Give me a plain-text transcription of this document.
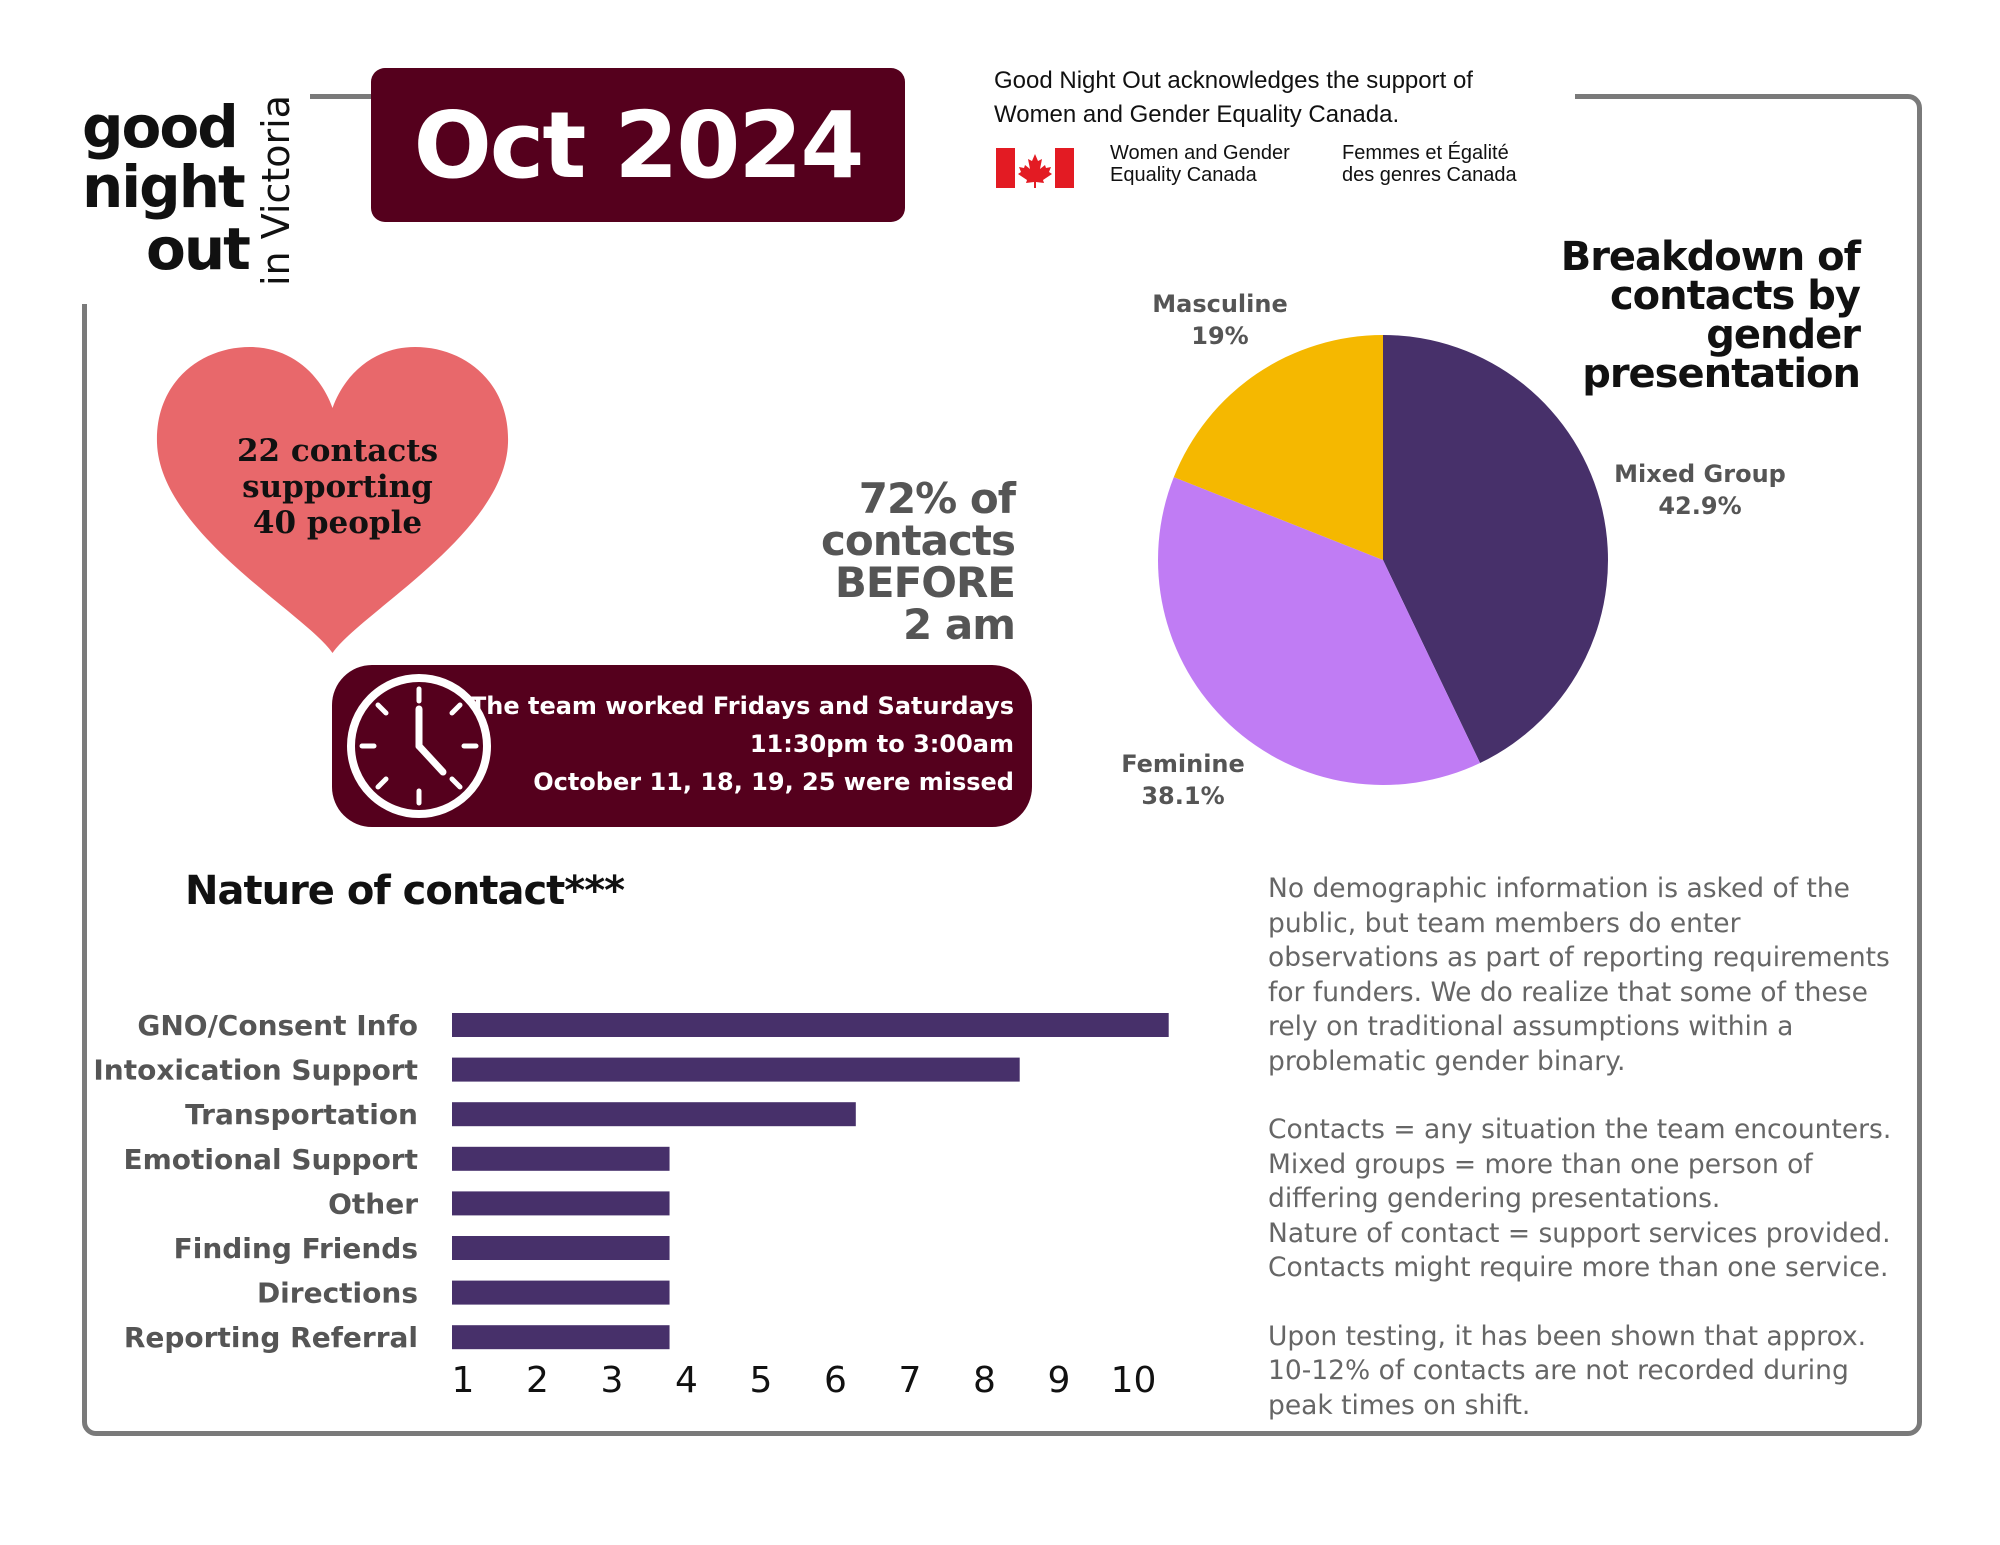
good
night
out in Victoria	Oct 2024
Good Night Out acknowledges the support of Women and Gender Equality Canada.
Women and Gender
Equality Canada
Femmes et Égalité
des genres Canada
22 contacts
supporting
40 people	72% of
contacts
BEFORE
2 am
The team worked Fridays and Saturdays
11:30pm to 3:00am
October 11, 18, 19, 25 were missed
Breakdown of contacts by gender presentation
Nature of contact***
GNO/Consent Info
Intoxication Support
Transportation
Emotional Support
Other
Finding Friends
Directions
Reporting Referral
1 2 3 4 5 6 7 8 9 10

No demographic information is asked of the public, but team members do enter observations as part of reporting requirements for funders. We do realize that some of these rely on traditional assumptions within a problematic gender binary.

Contacts = any situation the team encounters.
Mixed groups = more than one person of differing gendering presentations.
Nature of contact = support services provided.
Contacts might require more than one service.

Upon testing, it has been shown that approx. 10-12% of contacts are not recorded during peak times on shift.

Mixed Group
42.9%
Feminine
38.1%
Masculine
19%
